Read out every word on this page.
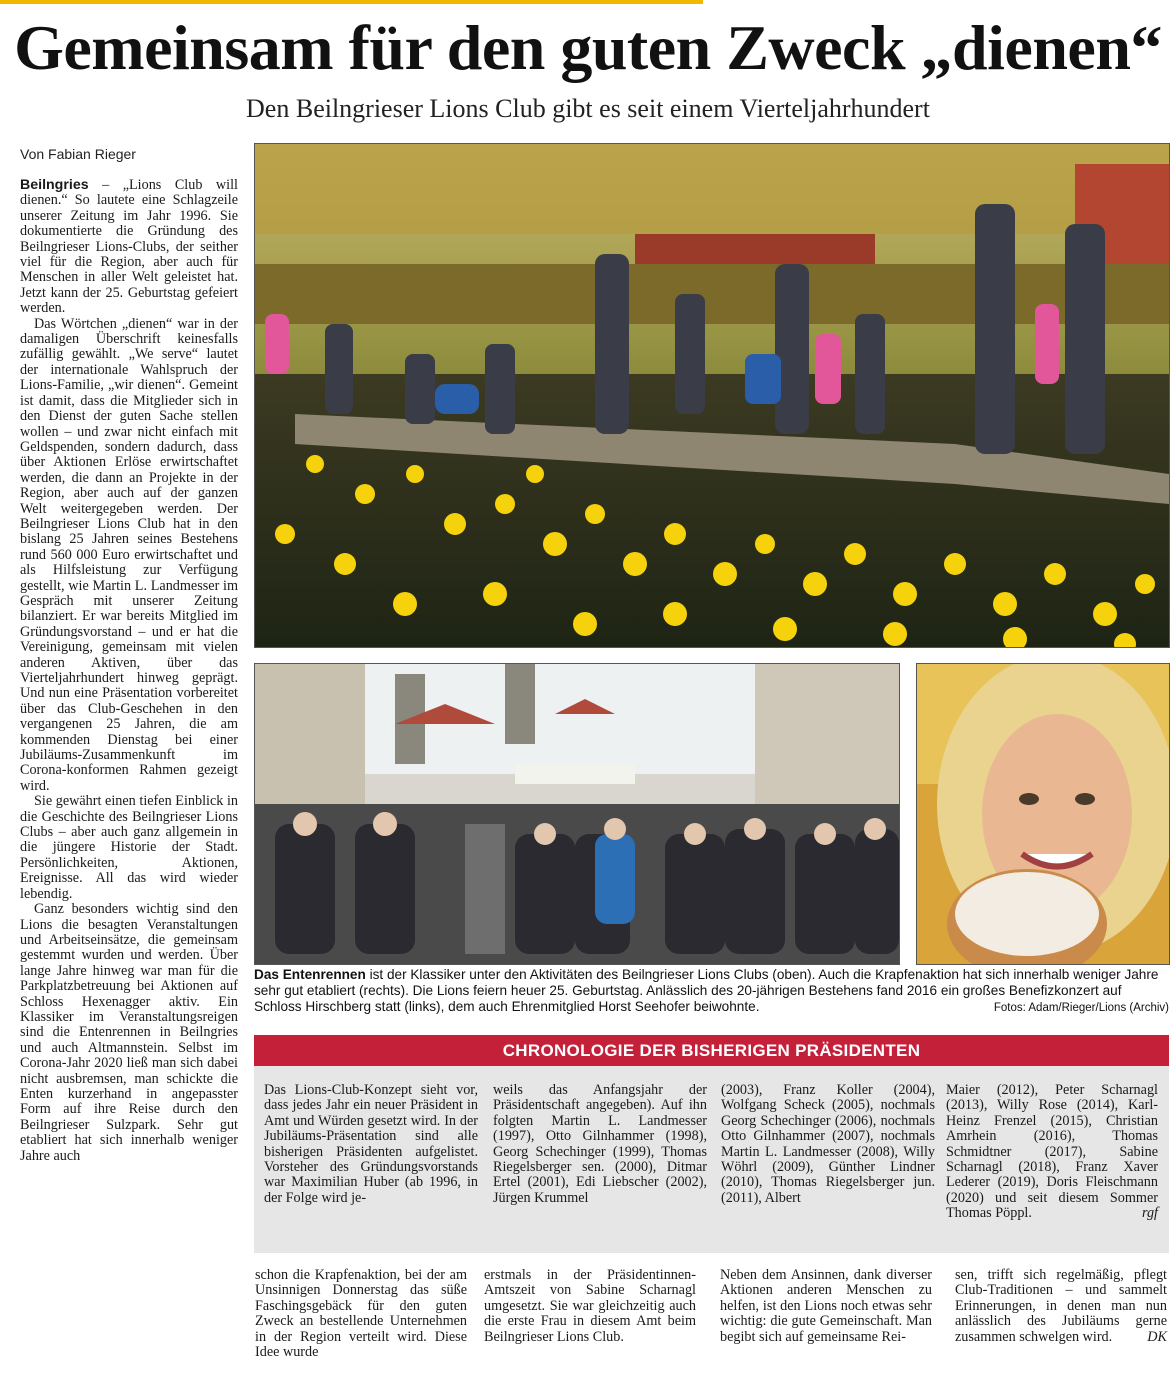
Gemeinsam für den guten Zweck „dienen“
Den Beilngrieser Lions Club gibt es seit einem Vierteljahrhundert
Von Fabian Rieger

Beilngries – „Lions Club will dienen.“ So lautete eine Schlagzeile unserer Zeitung im Jahr 1996. Sie dokumentierte die Gründung des Beilngrieser Lions-Clubs, der seither viel für die Region, aber auch für Menschen in aller Welt geleistet hat. Jetzt kann der 25. Geburtstag gefeiert werden.

Das Wörtchen „dienen“ war in der damaligen Überschrift keinesfalls zufällig gewählt. „We serve“ lautet der internationale Wahlspruch der Lions-Familie, „wir dienen“. Gemeint ist damit, dass die Mitglieder sich in den Dienst der guten Sache stellen wollen – und zwar nicht einfach mit Geldspenden, sondern dadurch, dass über Aktionen Erlöse erwirtschaftet werden, die dann an Projekte in der Region, aber auch auf der ganzen Welt weitergegeben werden. Der Beilngrieser Lions Club hat in den bislang 25 Jahren seines Bestehens rund 560 000 Euro erwirtschaftet und als Hilfsleistung zur Verfügung gestellt, wie Martin L. Landmesser im Gespräch mit unserer Zeitung bilanziert. Er war bereits Mitglied im Gründungsvorstand – und er hat die Vereinigung, gemeinsam mit vielen anderen Aktiven, über das Vierteljahrhundert hinweg geprägt. Und nun eine Präsentation vorbereitet über das Club-Geschehen in den vergangenen 25 Jahren, die am kommenden Dienstag bei einer Jubiläums-Zusammenkunft im Corona-konformen Rahmen gezeigt wird.

Sie gewährt einen tiefen Einblick in die Geschichte des Beilngrieser Lions Clubs – aber auch ganz allgemein in die jüngere Historie der Stadt. Persönlichkeiten, Aktionen, Ereignisse. All das wird wieder lebendig.

Ganz besonders wichtig sind den Lions die besagten Veranstaltungen und Arbeitseinsätze, die gemeinsam gestemmt wurden und werden. Über lange Jahre hinweg war man für die Parkplatzbetreuung bei Aktionen auf Schloss Hexenagger aktiv. Ein Klassiker im Veranstaltungsreigen sind die Entenrennen in Beilngries und auch Altmannstein. Selbst im Corona-Jahr 2020 ließ man sich dabei nicht ausbremsen, man schickte die Enten kurzerhand in angepasster Form auf ihre Reise durch den Beilngrieser Sulzpark. Sehr gut etabliert hat sich innerhalb weniger Jahre auch

Das Entenrennen ist der Klassiker unter den Aktivitäten des Beilngrieser Lions Clubs (oben). Auch die Krapfenaktion hat sich innerhalb weniger Jahre sehr gut etabliert (rechts). Die Lions feiern heuer 25. Geburtstag. Anlässlich des 20-jährigen Bestehens fand 2016 ein großes Benefizkonzert auf Schloss Hirschberg statt (links), dem auch Ehrenmitglied Horst Seehofer beiwohnte.	Fotos: Adam/Rieger/Lions (Archiv)
CHRONOLOGIE DER BISHERIGEN PRÄSIDENTEN
Das Lions-Club-Konzept sieht vor, dass jedes Jahr ein neuer Präsident in Amt und Würden gesetzt wird. In der Jubiläums-Präsentation sind alle bisherigen Präsidenten aufgelistet. Vorsteher des Gründungsvorstands war Maximilian Huber (ab 1996, in der Folge wird je-
weils das Anfangsjahr der Präsidentschaft angegeben). Auf ihn folgten Martin L. Landmesser (1997), Otto Gilnhammer (1998), Georg Schechinger (1999), Thomas Riegelsberger sen. (2000), Ditmar Ertel (2001), Edi Liebscher (2002), Jürgen Krummel
(2003), Franz Koller (2004), Wolfgang Scheck (2005), nochmals Georg Schechinger (2006), nochmals Otto Gilnhammer (2007), nochmals Martin L. Landmesser (2008), Willy Wöhrl (2009), Günther Lindner (2010), Thomas Riegelsberger jun. (2011), Albert
Maier (2012), Peter Scharnagl (2013), Willy Rose (2014), Karl-Heinz Frenzel (2015), Christian Amrhein (2016), Thomas Schmidtner (2017), Sabine Scharnagl (2018), Franz Xaver Lederer (2019), Doris Fleischmann (2020) und seit diesem Sommer Thomas Pöppl.	rgf
schon die Krapfenaktion, bei der am Unsinnigen Donnerstag das süße Faschingsgebäck für den guten Zweck an bestellende Unternehmen in der Region verteilt wird. Diese Idee wurde
erstmals in der Präsidentinnen-Amtszeit von Sabine Scharnagl umgesetzt. Sie war gleichzeitig auch die erste Frau in diesem Amt beim Beilngrieser Lions Club.
Neben dem Ansinnen, dank diverser Aktionen anderen Menschen zu helfen, ist den Lions noch etwas sehr wichtig: die gute Gemeinschaft. Man begibt sich auf gemeinsame Rei-
sen, trifft sich regelmäßig, pflegt Club-Traditionen – und sammelt Erinnerungen, in denen man nun anlässlich des Jubiläums gerne zusammen schwelgen wird. DK
